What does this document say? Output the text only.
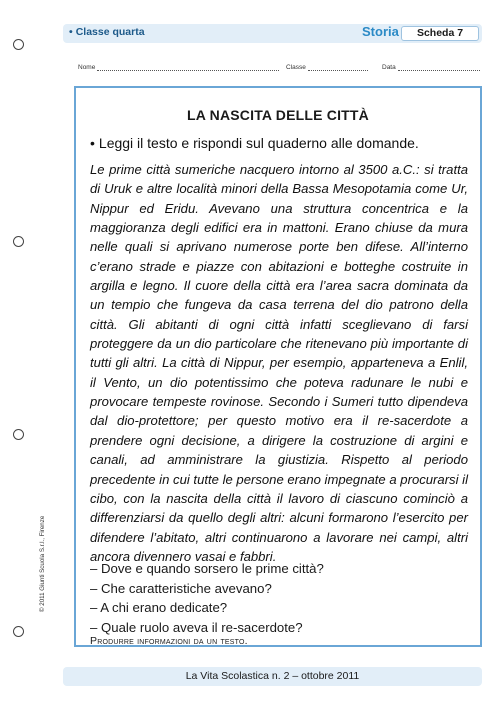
• Classe quarta	Storia	Scheda 7
Nome	Classe	Data
LA NASCITA DELLE CITTÀ
• Leggi il testo e rispondi sul quaderno alle domande.
Le prime città sumeriche nacquero intorno al 3500 a.C.: si tratta di Uruk e altre località minori della Bassa Mesopotamia come Ur, Nippur ed Eridu. Avevano una struttura concentrica e la maggioranza degli edifici era in mattoni. Erano chiuse da mura nelle quali si aprivano numerose porte ben difese. All’interno c’erano strade e piazze con abitazioni e botteghe costruite in argilla e legno. Il cuore della città era l’area sacra dominata da un tempio che fungeva da casa terrena del dio patrono della città. Gli abitanti di ogni città infatti sceglievano di farsi proteggere da un dio particolare che ritenevano più importante di tutti gli altri. La città di Nippur, per esempio, apparteneva a Enlil, il Vento, un dio potentissimo che poteva radunare le nubi e provocare tempeste rovinose. Secondo i Sumeri tutto dipendeva dal dio-protettore; per questo motivo era il re-sacerdote a prendere ogni decisione, a dirigere la costruzione di argini e canali, ad amministrare la giustizia. Rispetto al periodo precedente in cui tutte le persone erano impegnate a procurarsi il cibo, con la nascita della città il lavoro di ciascuno cominciò a differenziarsi da quello degli altri: alcuni formarono l’esercito per difendere l’abitato, altri continuarono a lavorare nei campi, altri ancora divennero vasai e fabbri.
– Dove e quando sorsero le prime città?
– Che caratteristiche avevano?
– A chi erano dedicate?
– Quale ruolo aveva il re-sacerdote?
Produrre informazioni da un testo.
© 2011 Giunti Scuola S.r.l., Firenze
La Vita Scolastica n. 2 – ottobre 2011
